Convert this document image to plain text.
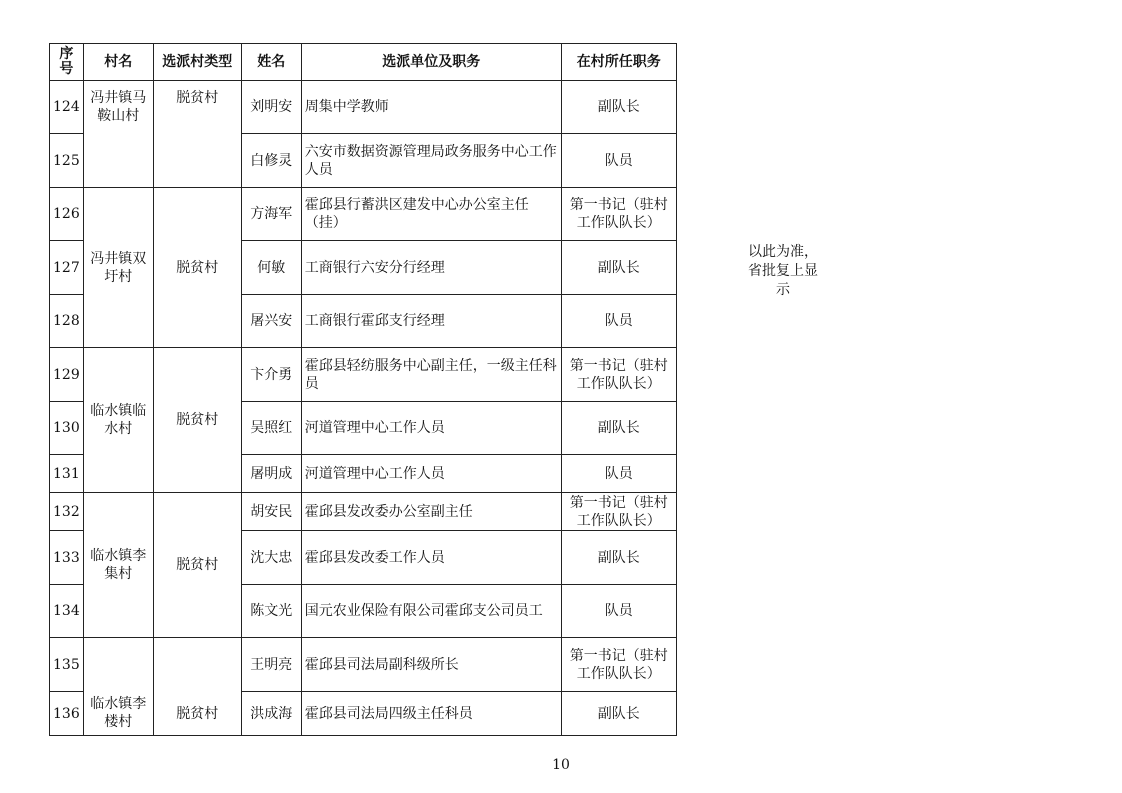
序号	村名	选派村类型	姓名	选派单位及职务	在村所任职务
124	冯井镇马鞍山村	脱贫村	刘明安	周集中学教师	副队长
125			白修灵	六安市数据资源管理局政务服务中心工作人员	队员
126	冯井镇双圩村	脱贫村	方海军	霍邱县行蓄洪区建发中心办公室主任（挂）	第一书记（驻村工作队队长）
127			何敏	工商银行六安分行经理	副队长
128			屠兴安	工商银行霍邱支行经理	队员
129	临水镇临水村	脱贫村	卞介勇	霍邱县轻纺服务中心副主任，一级主任科员	第一书记（驻村工作队队长）
130			吴照红	河道管理中心工作人员	副队长
131			屠明成	河道管理中心工作人员	队员
132	临水镇李集村	脱贫村	胡安民	霍邱县发改委办公室副主任	第一书记（驻村工作队队长）
133			沈大忠	霍邱县发改委工作人员	副队长
134			陈文光	国元农业保险有限公司霍邱支公司员工	队员
135	临水镇李楼村	脱贫村	王明亮	霍邱县司法局副科级所长	第一书记（驻村工作队队长）
136			洪成海	霍邱县司法局四级主任科员	副队长
以此为准，省批复上显示
10
